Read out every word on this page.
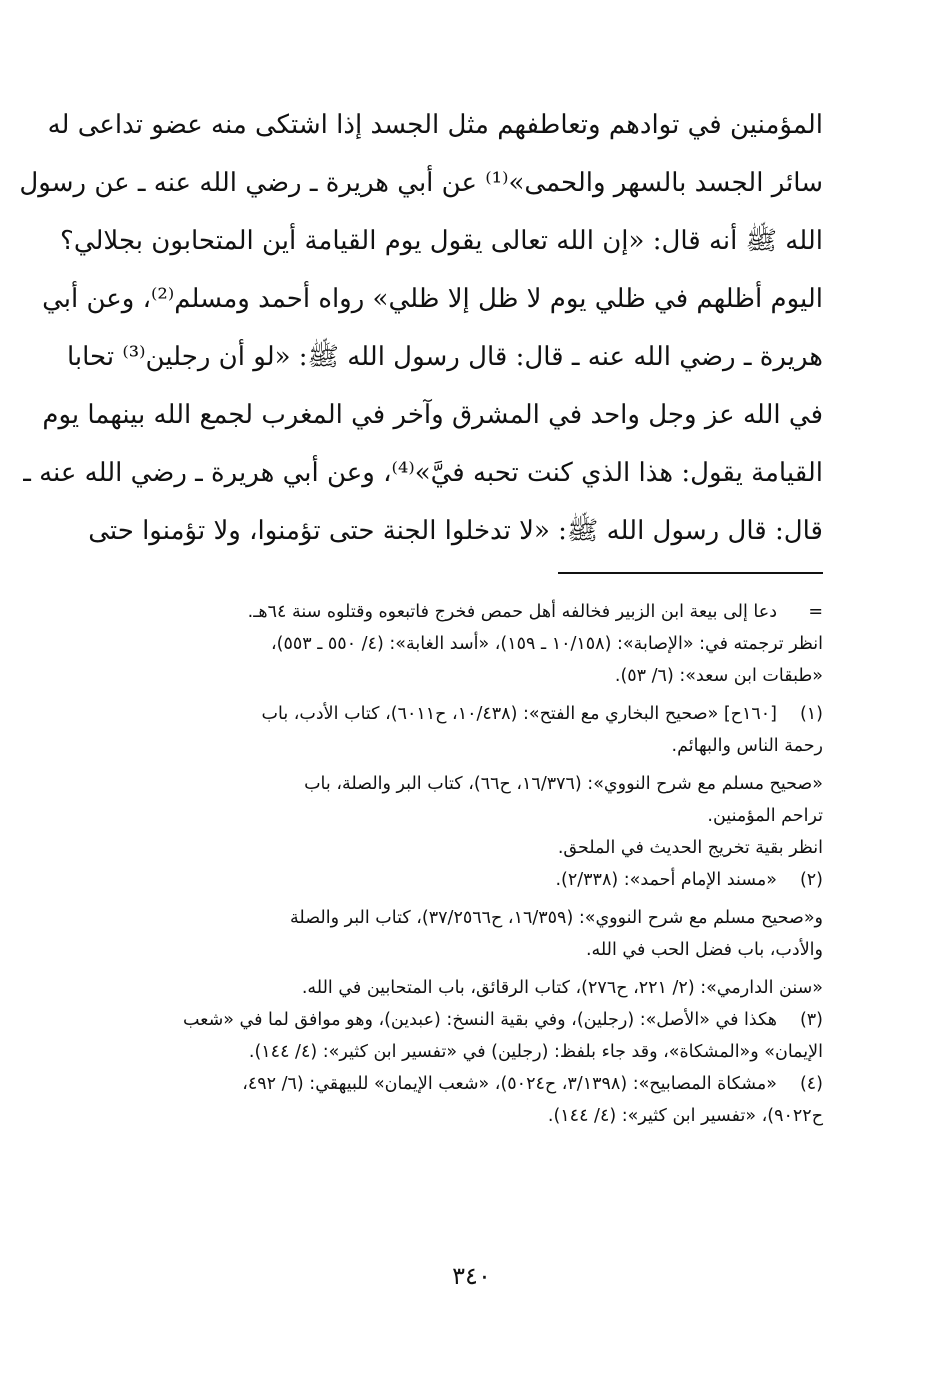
المؤمنين في توادهم وتعاطفهم مثل الجسد إذا اشتكى منه عضو تداعى له
سائر الجسد بالسهر والحمى»⁽¹⁾ عن أبي هريرة ـ رضي الله عنه ـ عن رسول
الله ﷺ أنه قال: «إن الله تعالى يقول يوم القيامة أين المتحابون بجلالي؟
اليوم أظلهم في ظلي يوم لا ظل إلا ظلي» رواه أحمد ومسلم⁽²⁾، وعن أبي
هريرة ـ رضي الله عنه ـ قال: قال رسول الله ﷺ: «لو أن رجلين⁽³⁾ تحابا
في الله عز وجل واحد في المشرق وآخر في المغرب لجمع الله بينهما يوم
القيامة يقول: هذا الذي كنت تحبه فيَّ»⁽⁴⁾، وعن أبي هريرة ـ رضي الله عنه ـ
قال: قال رسول الله ﷺ: «لا تدخلوا الجنة حتى تؤمنوا، ولا تؤمنوا حتى
=
دعا إلى بيعة ابن الزبير فخالفه أهل حمص فخرج فاتبعوه وقتلوه سنة ٦٤هـ.
انظر ترجمته في: «الإصابة»: (١٠/١٥٨ ـ ١٥٩)، «أسد الغابة»: (٤/ ٥٥٠ ـ ٥٥٣)،
«طبقات ابن سعد»: (٦/ ٥٣).
(١)
[١٦٠ح] «صحيح البخاري مع الفتح»: (١٠/٤٣٨، ح٦٠١١)، كتاب الأدب، باب
رحمة الناس والبهائم.
«صحيح مسلم مع شرح النووي»: (١٦/٣٧٦، ح٦٦)، كتاب البر والصلة، باب
تراحم المؤمنين.
انظر بقية تخريج الحديث في الملحق.
(٢)
«مسند الإمام أحمد»: (٢/٣٣٨).
و«صحيح مسلم مع شرح النووي»: (١٦/٣٥٩، ح٣٧/٢٥٦٦)، كتاب البر والصلة
والأدب، باب فضل الحب في الله.
«سنن الدارمي»: (٢/ ٢٢١، ح٢٧٦)، كتاب الرقائق، باب المتحابين في الله.
(٣)
هكذا في «الأصل»: (رجلين)، وفي بقية النسخ: (عبدين)، وهو موافق لما في «شعب
الإيمان» و«المشكاة»، وقد جاء بلفظ: (رجلين) في «تفسير ابن كثير»: (٤/ ١٤٤).
(٤)
«مشكاة المصابيح»: (٣/١٣٩٨، ح٥٠٢٤)، «شعب الإيمان» للبيهقي: (٦/ ٤٩٢،
ح٩٠٢٢)، «تفسير ابن كثير»: (٤/ ١٤٤).
٣٤٠
